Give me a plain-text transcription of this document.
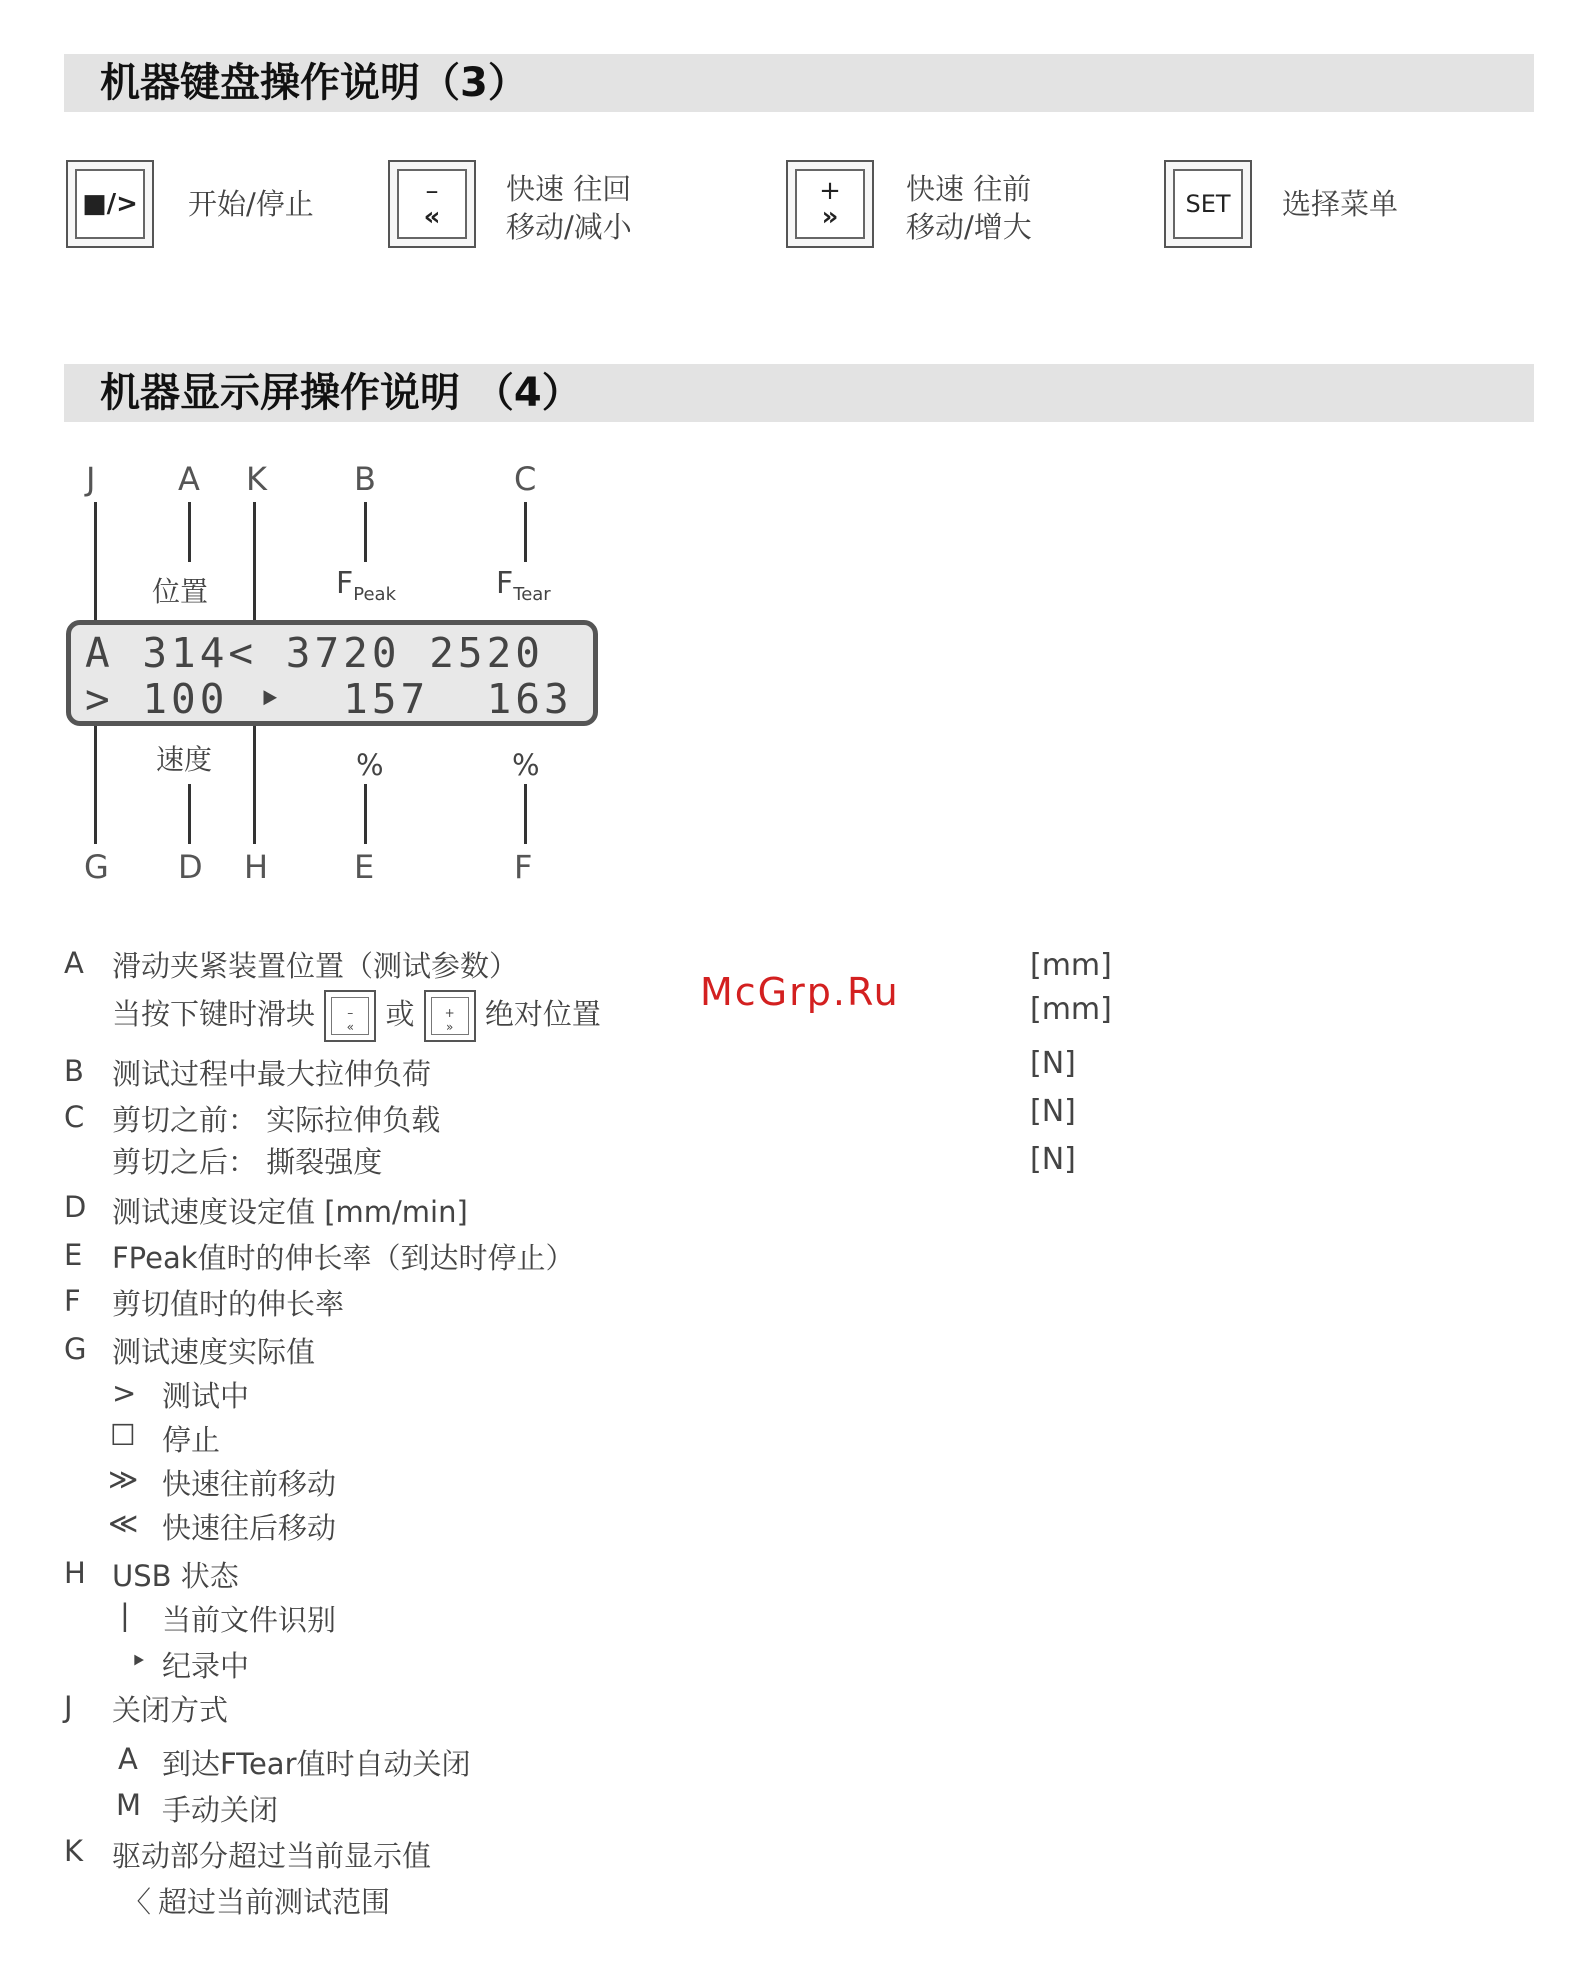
机器键盘操作说明（3）
■/> 开始/停止	–
«
快速 往回
移动/减小
+
»
快速 往前
移动/增大
SET 选择菜单
机器显示屏操作说明 （4）
J	A K	B	C
位置	$F_{Peak}$	$F_{Tear}$
A 314< 3720 2520
> 100 ‣  157  163
速度	%	%
G D H	E	F
McGrp.Ru
A 滑动夹紧装置位置（测试参数）	[mm]
当按下键时滑块	–
«	或	+
»	绝对位置	[mm]
B 测试过程中最大拉伸负荷	[N]
C 剪切之前： 实际拉伸负载	[N]
剪切之后： 撕裂强度	[N]
D 测试速度设定值 [mm/min]
E FPeak值时的伸长率（到达时停止）
F 剪切值时的伸长率
G 测试速度实际值
> 测试中
☐ 停止
≫ 快速往前移动
≪ 快速往后移动
H USB 状态
| 当前文件识别
‣ 纪录中
J 关闭方式
A 到达FTear值时自动关闭
M 手动关闭
K 驱动部分超过当前显示值
〈 超过当前测试范围
